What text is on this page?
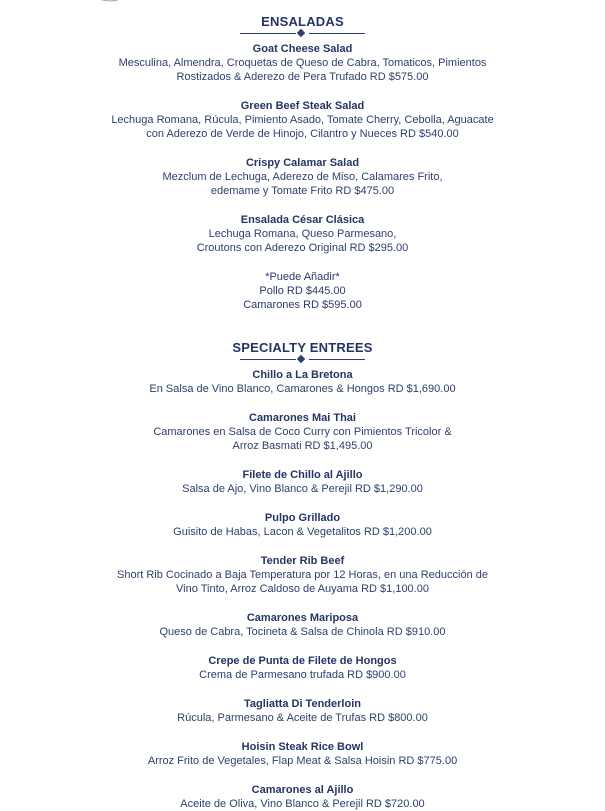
ENSALADAS
Goat Cheese Salad
Mesculina, Almendra, Croquetas de Queso de Cabra, Tomaticos, Pimientos
Rostizados & Aderezo de Pera Trufado RD $575.00
Green Beef Steak Salad
Lechuga Romana, Rúcula, Pimiento Asado, Tomate Cherry, Cebolla, Aguacate
con Aderezo de Verde de Hinojo, Cilantro y Nueces RD $540.00
Crispy Calamar Salad
Mezclum de Lechuga, Aderezo de Miso, Calamares Frito,
edemame y Tomate Frito RD $475.00
Ensalada César Clásica
Lechuga Romana, Queso Parmesano,
Croutons con Aderezo Original RD $295.00
*Puede Añadir*
Pollo RD $445.00
Camarones RD $595.00
SPECIALTY ENTREES
Chillo a La Bretona
En Salsa de Vino Blanco, Camarones & Hongos RD $1,690.00
Camarones Mai Thai
Camarones en Salsa de Coco Curry con Pimientos Tricolor &
Arroz Basmati RD $1,495.00
Filete de Chillo al Ajillo
Salsa de Ajo, Vino Blanco & Perejil RD $1,290.00
Pulpo Grillado
Guisito de Habas, Lacon & Vegetalitos RD $1,200.00
Tender Rib Beef
Short Rib Cocinado a Baja Temperatura por 12 Horas, en una Reducción de
Vino Tinto, Arroz Caldoso de Auyama RD $1,100.00
Camarones Mariposa
Queso de Cabra, Tocineta & Salsa de Chinola RD $910.00
Crepe de Punta de Filete de Hongos
Crema de Parmesano trufada RD $900.00
Tagliatta Di Tenderloin
Rúcula, Parmesano & Aceite de Trufas RD $800.00
Hoisin Steak Rice Bowl
Arroz Frito de Vegetales, Flap Meat & Salsa Hoisin RD $775.00
Camarones al Ajillo
Aceite de Oliva, Vino Blanco & Perejil RD $720.00
